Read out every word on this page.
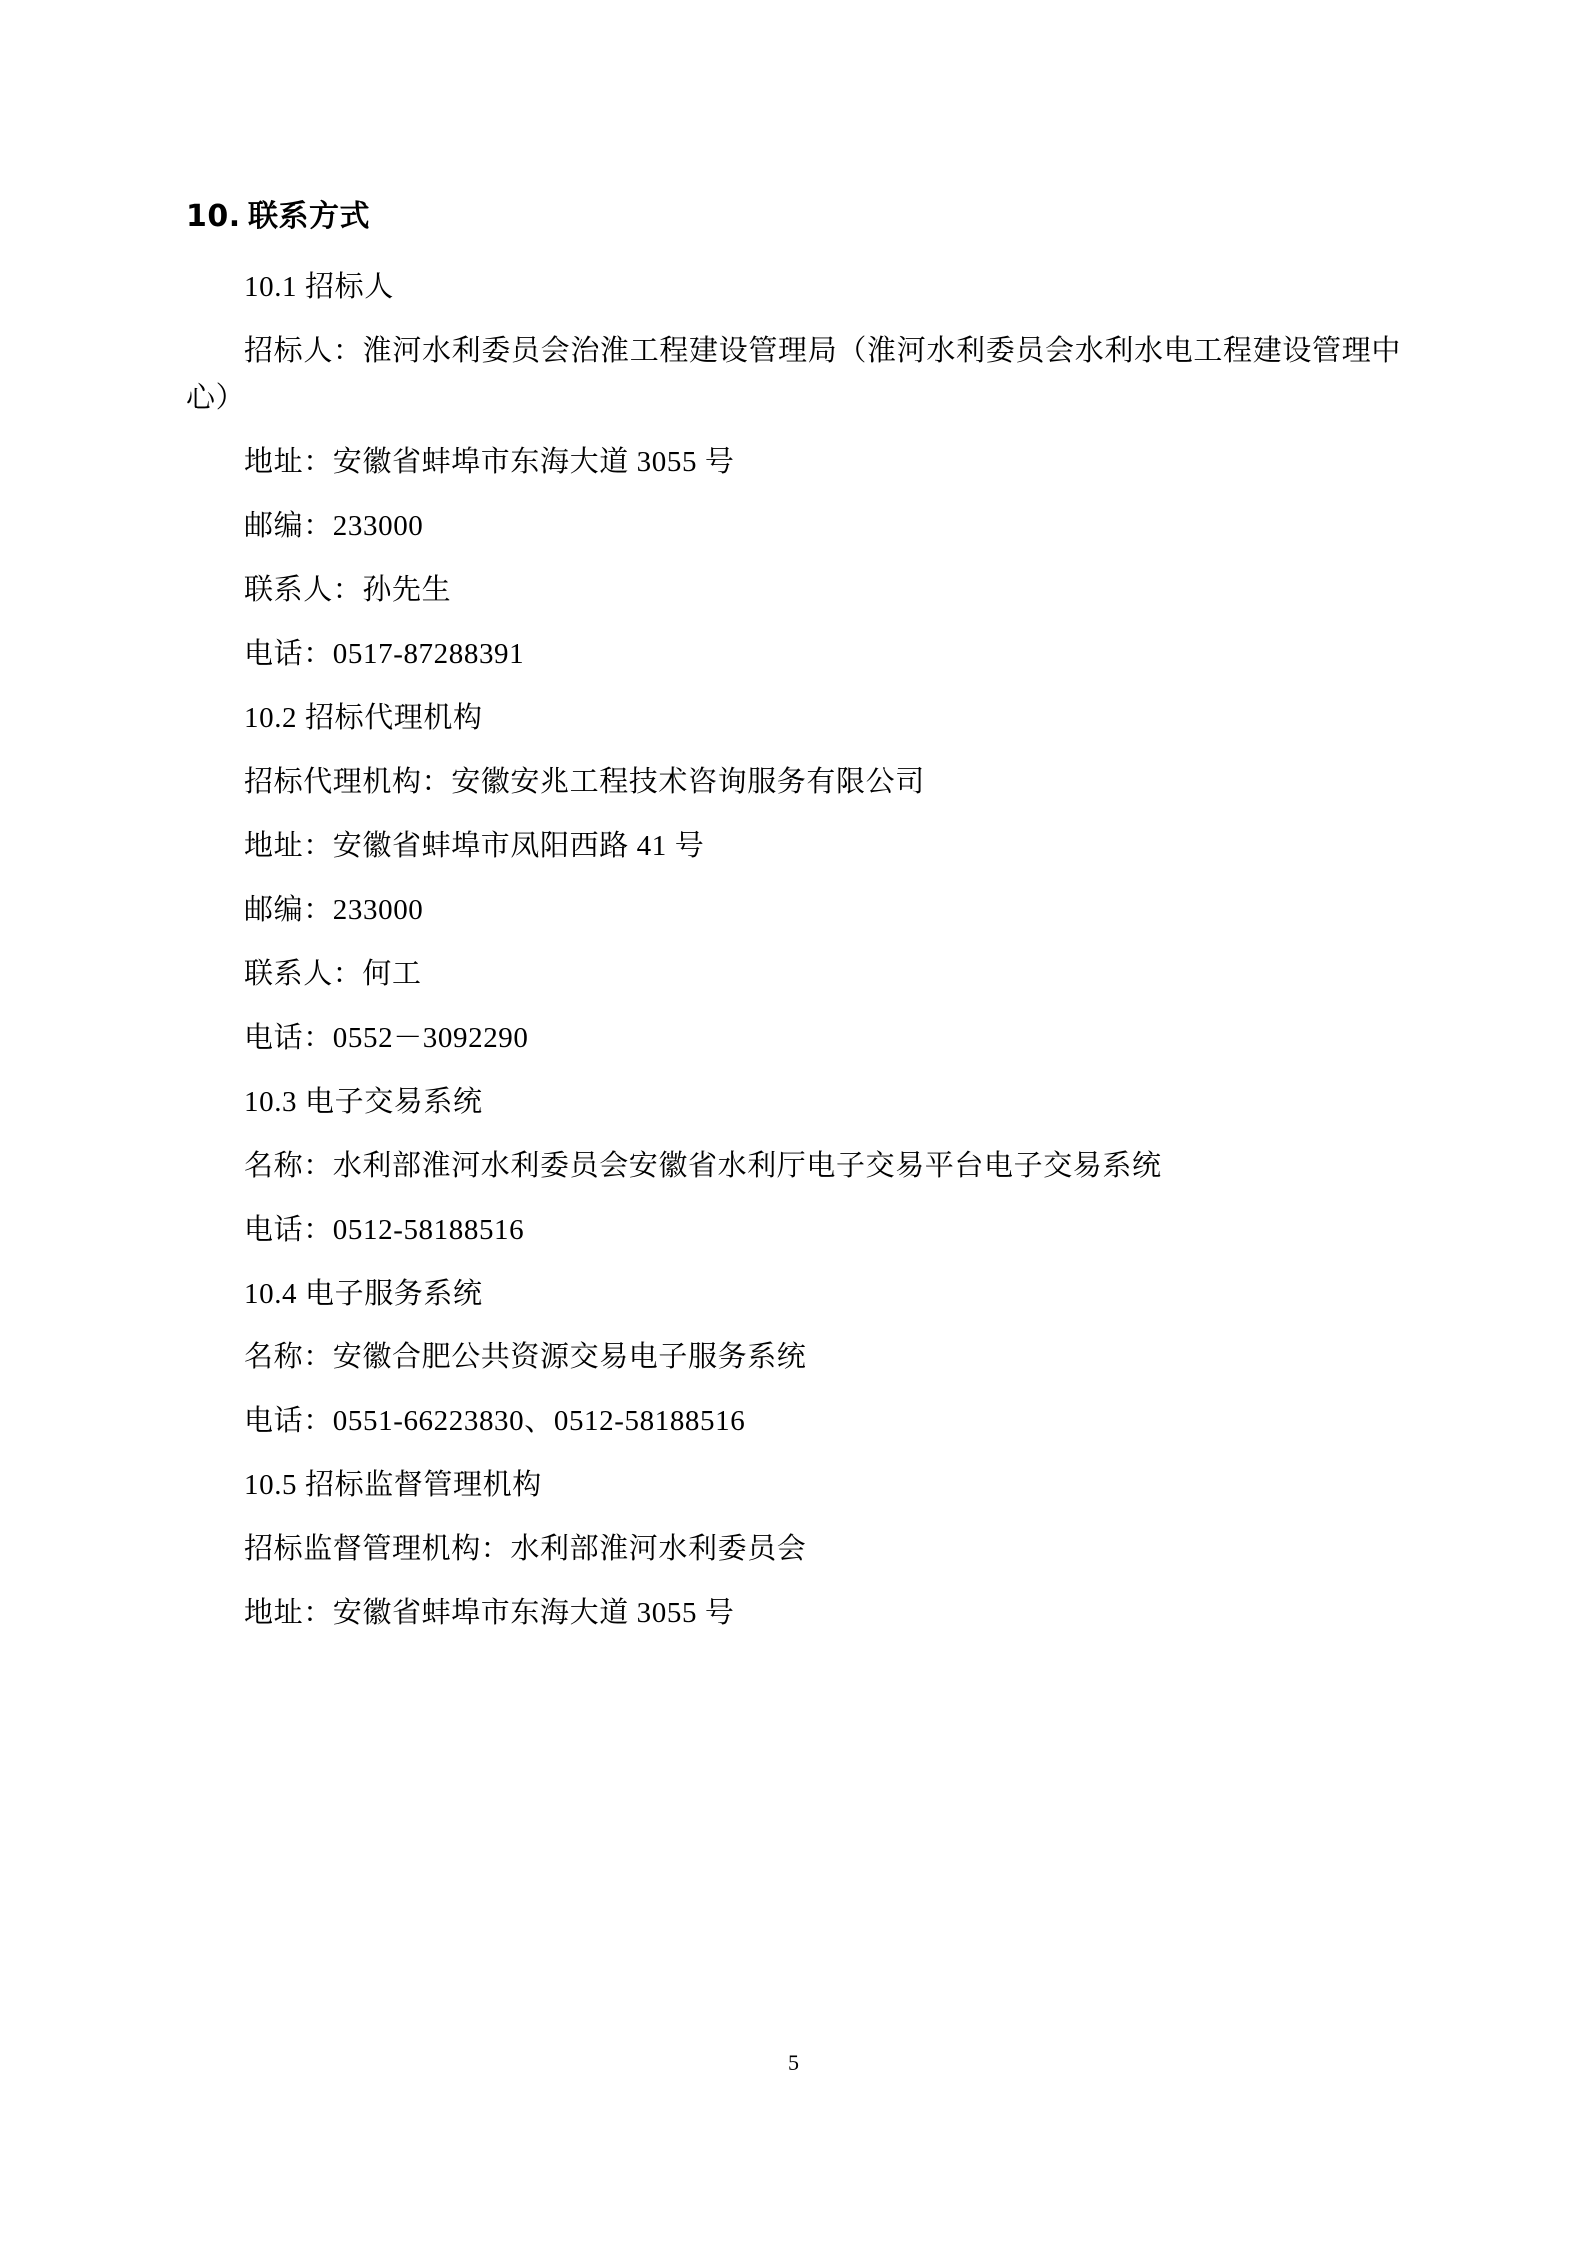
10. 联系方式

10.1 招标人

招标人：淮河水利委员会治淮工程建设管理局（淮河水利委员会水利水电工程建设管理中心）

地址：安徽省蚌埠市东海大道 3055 号

邮编：233000

联系人：孙先生

电话：0517-87288391

10.2 招标代理机构

招标代理机构：安徽安兆工程技术咨询服务有限公司

地址：安徽省蚌埠市凤阳西路 41 号

邮编：233000

联系人：何工

电话：0552－3092290

10.3 电子交易系统

名称：水利部淮河水利委员会安徽省水利厅电子交易平台电子交易系统

电话：0512-58188516

10.4 电子服务系统

名称：安徽合肥公共资源交易电子服务系统

电话：0551-66223830、0512-58188516

10.5 招标监督管理机构

招标监督管理机构：水利部淮河水利委员会

地址：安徽省蚌埠市东海大道 3055 号

5
